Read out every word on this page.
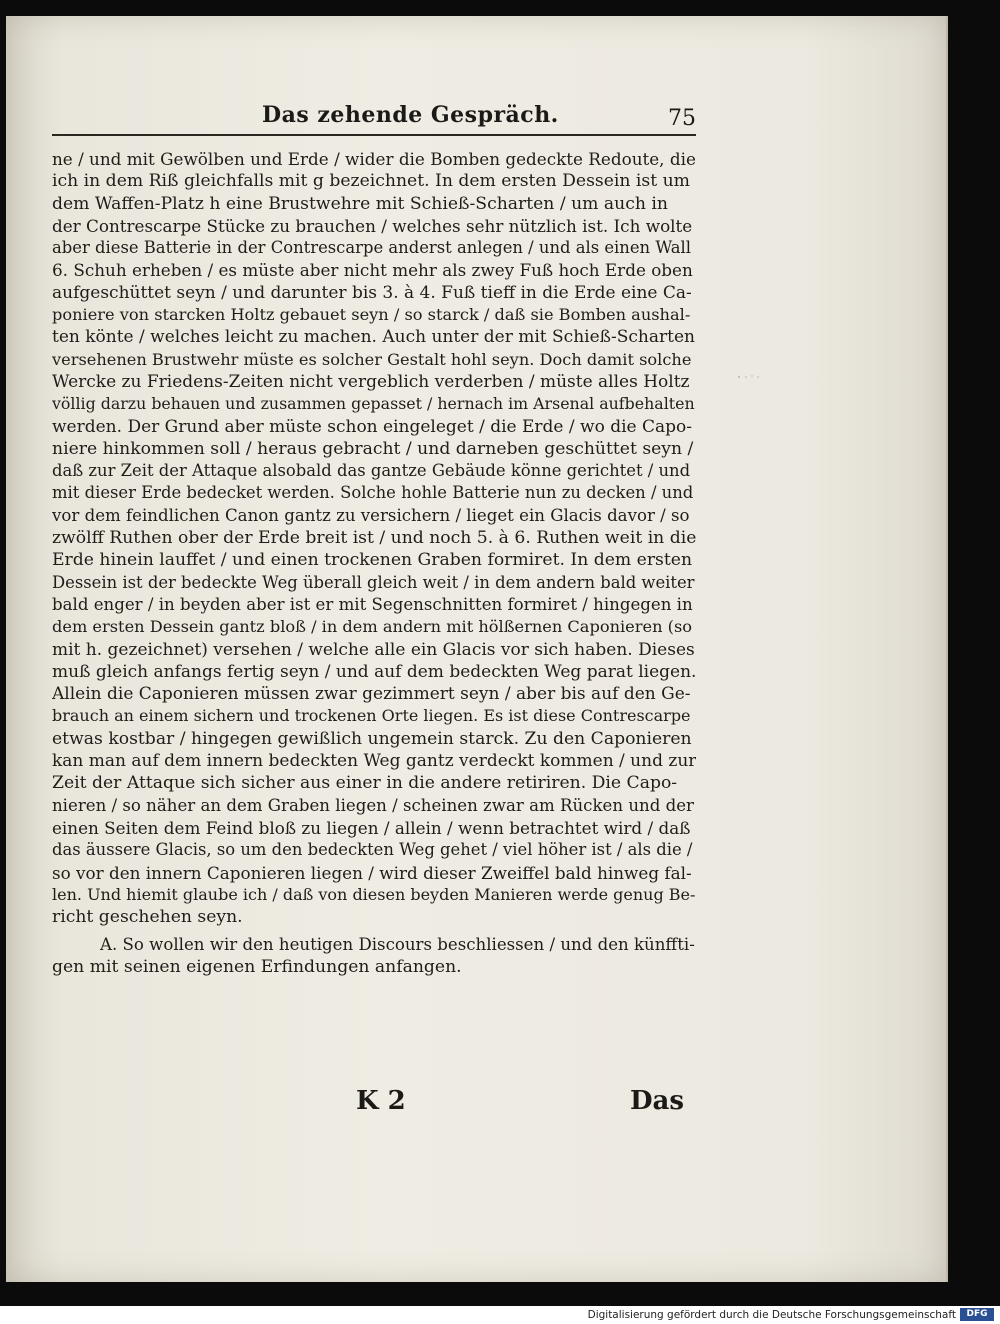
Das zehende Gespräch.	75
ne / und mit Gewölben und Erde / wider die Bomben gedeckte Redoute, die
ich in dem Riß gleichfalls mit g bezeichnet. In dem ersten Dessein ist um
dem Waffen-Platz h eine Brustwehre mit Schieß-Scharten / um auch in
der Contrescarpe Stücke zu brauchen / welches sehr nützlich ist. Ich wolte
aber diese Batterie in der Contrescarpe anderst anlegen / und als einen Wall
6. Schuh erheben / es müste aber nicht mehr als zwey Fuß hoch Erde oben
aufgeschüttet seyn / und darunter bis 3. à 4. Fuß tieff in die Erde eine Ca-
poniere von starcken Holtz gebauet seyn / so starck / daß sie Bomben aushal-
ten könte / welches leicht zu machen. Auch unter der mit Schieß-Scharten
versehenen Brustwehr müste es solcher Gestalt hohl seyn. Doch damit solche
Wercke zu Friedens-Zeiten nicht vergeblich verderben / müste alles Holtz
völlig darzu behauen und zusammen gepasset / hernach im Arsenal aufbehalten
werden. Der Grund aber müste schon eingeleget / die Erde / wo die Capo-
niere hinkommen soll / heraus gebracht / und darneben geschüttet seyn /
daß zur Zeit der Attaque alsobald das gantze Gebäude könne gerichtet / und
mit dieser Erde bedecket werden. Solche hohle Batterie nun zu decken / und
vor dem feindlichen Canon gantz zu versichern / lieget ein Glacis davor / so
zwölff Ruthen ober der Erde breit ist / und noch 5. à 6. Ruthen weit in die
Erde hinein lauffet / und einen trockenen Graben formiret. In dem ersten
Dessein ist der bedeckte Weg überall gleich weit / in dem andern bald weiter
bald enger / in beyden aber ist er mit Segenschnitten formiret / hingegen in
dem ersten Dessein gantz bloß / in dem andern mit hölßernen Caponieren (so
mit h. gezeichnet) versehen / welche alle ein Glacis vor sich haben. Dieses
muß gleich anfangs fertig seyn / und auf dem bedeckten Weg parat liegen.
Allein die Caponieren müssen zwar gezimmert seyn / aber bis auf den Ge-
brauch an einem sichern und trockenen Orte liegen. Es ist diese Contrescarpe
etwas kostbar / hingegen gewißlich ungemein starck. Zu den Caponieren
kan man auf dem innern bedeckten Weg gantz verdeckt kommen / und zur
Zeit der Attaque sich sicher aus einer in die andere retiriren. Die Capo-
nieren / so näher an dem Graben liegen / scheinen zwar am Rücken und der
einen Seiten dem Feind bloß zu liegen / allein / wenn betrachtet wird / daß
das äussere Glacis, so um den bedeckten Weg gehet / viel höher ist / als die /
so vor den innern Caponieren liegen / wird dieser Zweiffel bald hinweg fal-
len. Und hiemit glaube ich / daß von diesen beyden Manieren werde genug Be-
richt geschehen seyn.
A. So wollen wir den heutigen Discours beschliessen / und den künffti-
gen mit seinen eigenen Erfindungen anfangen.
K 2	Das
Digitalisierung gefördert durch die Deutsche Forschungsgemeinschaft	DFG
